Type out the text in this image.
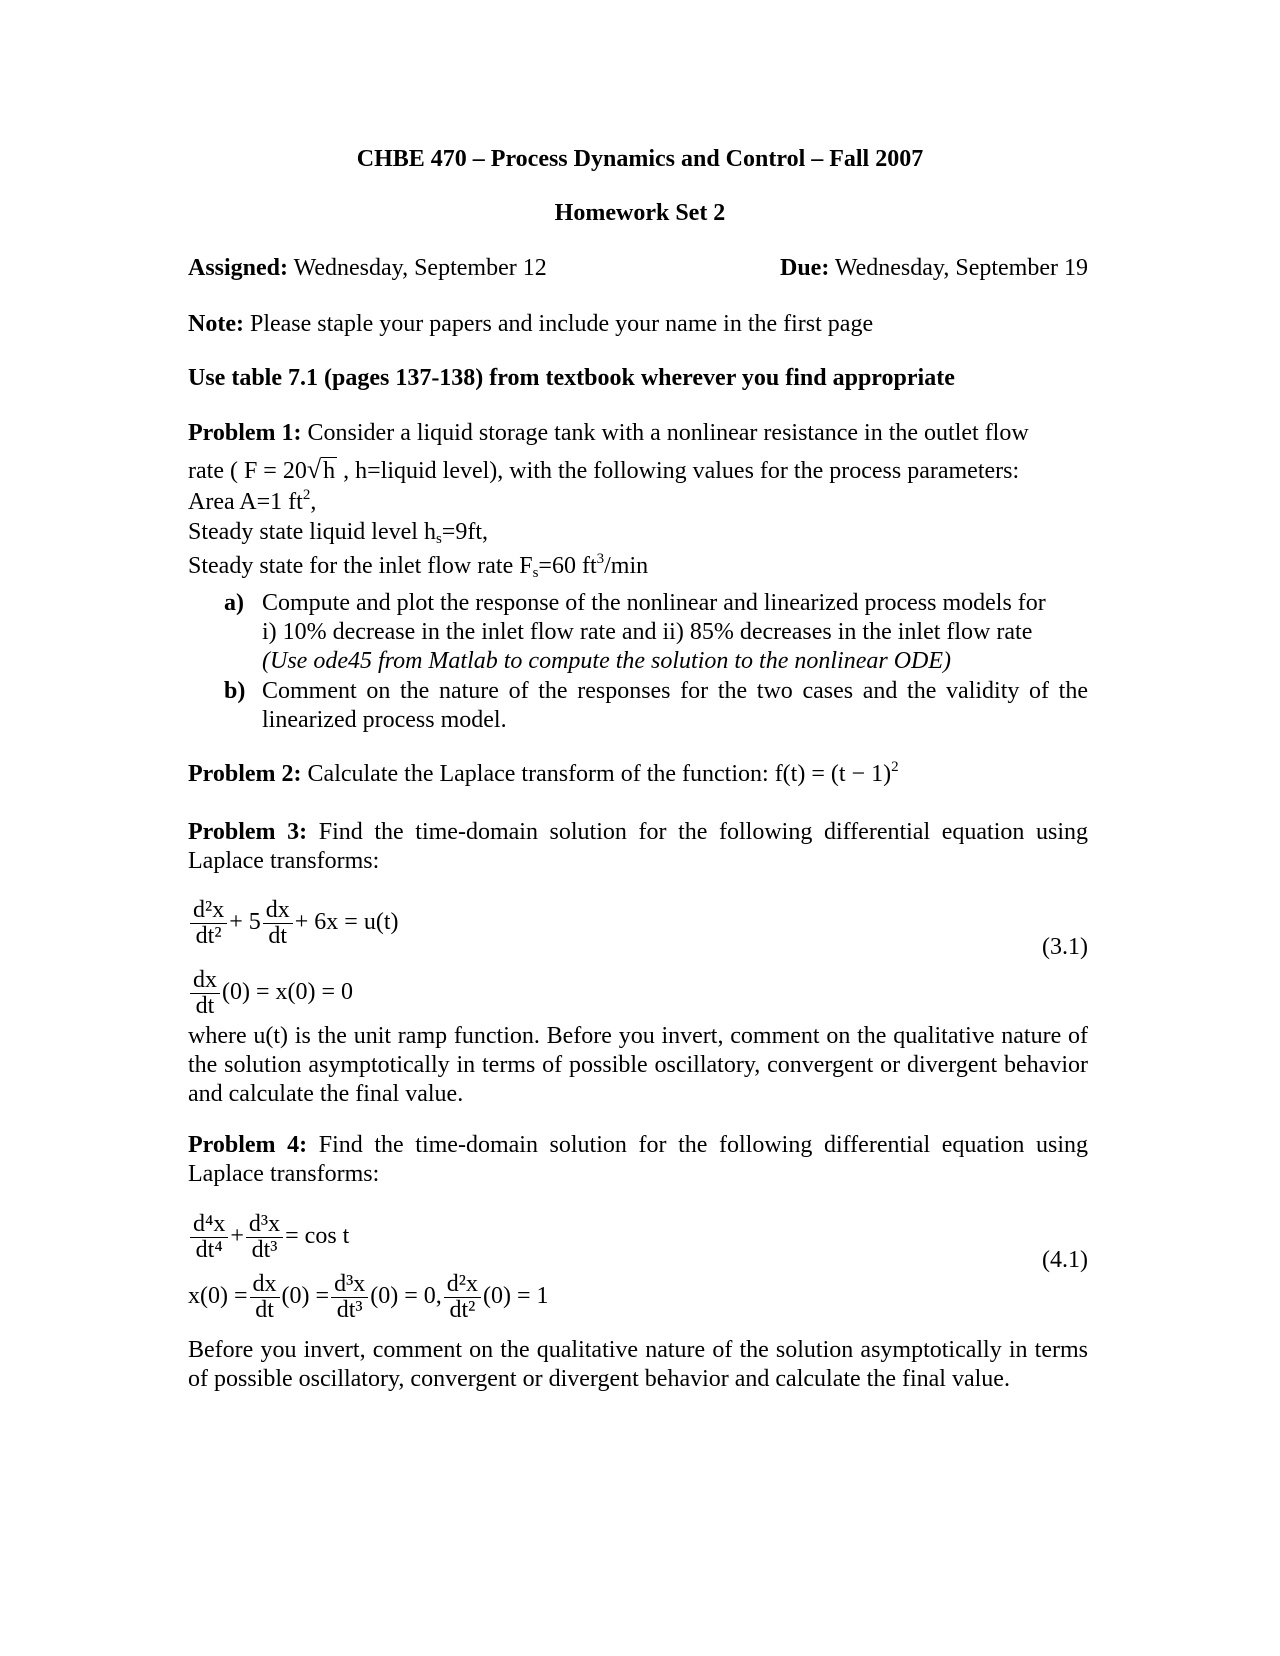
CHBE 470 – Process Dynamics and Control – Fall 2007
Homework Set 2
Assigned: Wednesday, September 12	Due: Wednesday, September 19
Note: Please staple your papers and include your name in the first page
Use table 7.1 (pages 137-138) from textbook wherever you find appropriate
Problem 1: Consider a liquid storage tank with a nonlinear resistance in the outlet flow
rate ( F = 20√h , h=liquid level), with the following values for the process parameters:
Area A=1 $ft^2$,
Steady state liquid level $h_s=9ft$,
Steady state for the inlet flow rate $F_s=60$ $ft^3/\min$
a) Compute and plot the response of the nonlinear and linearized process models for
i) 10% decrease in the inlet flow rate and ii) 85% decreases in the inlet flow rate
(Use ode45 from Matlab to compute the solution to the nonlinear ODE)
b) Comment on the nature of the responses for the two cases and the validity of the linearized process model.
Problem 2: Calculate the Laplace transform of the function: $f(t) = (t - 1)^2$
Problem 3: Find the time-domain solution for the following differential equation using Laplace transforms:
$\frac{\text{d²x}}{\text{dt²}} + 5 \frac{dx}{dt} + 6x = u(t)$
(3.1)
$\frac{dx}{dt} (0) = x(0) = 0$
where u(t) is the unit ramp function. Before you invert, comment on the qualitative nature of the solution asymptotically in terms of possible oscillatory, convergent or divergent behavior and calculate the final value.
Problem 4: Find the time-domain solution for the following differential equation using Laplace transforms:
$\frac{\text{d⁴x}}{\text{dt⁴}} + \frac{\text{d³x}}{\text{dt³}} = \cos t$
(4.1)
$x(0) = \frac{dx}{dt} (0) = \frac{\text{d³x}}{\text{dt³}} (0) = 0$, $\frac{\text{d²x}}{\text{dt²}} (0) = 1$
Before you invert, comment on the qualitative nature of the solution asymptotically in terms of possible oscillatory, convergent or divergent behavior and calculate the final value.
